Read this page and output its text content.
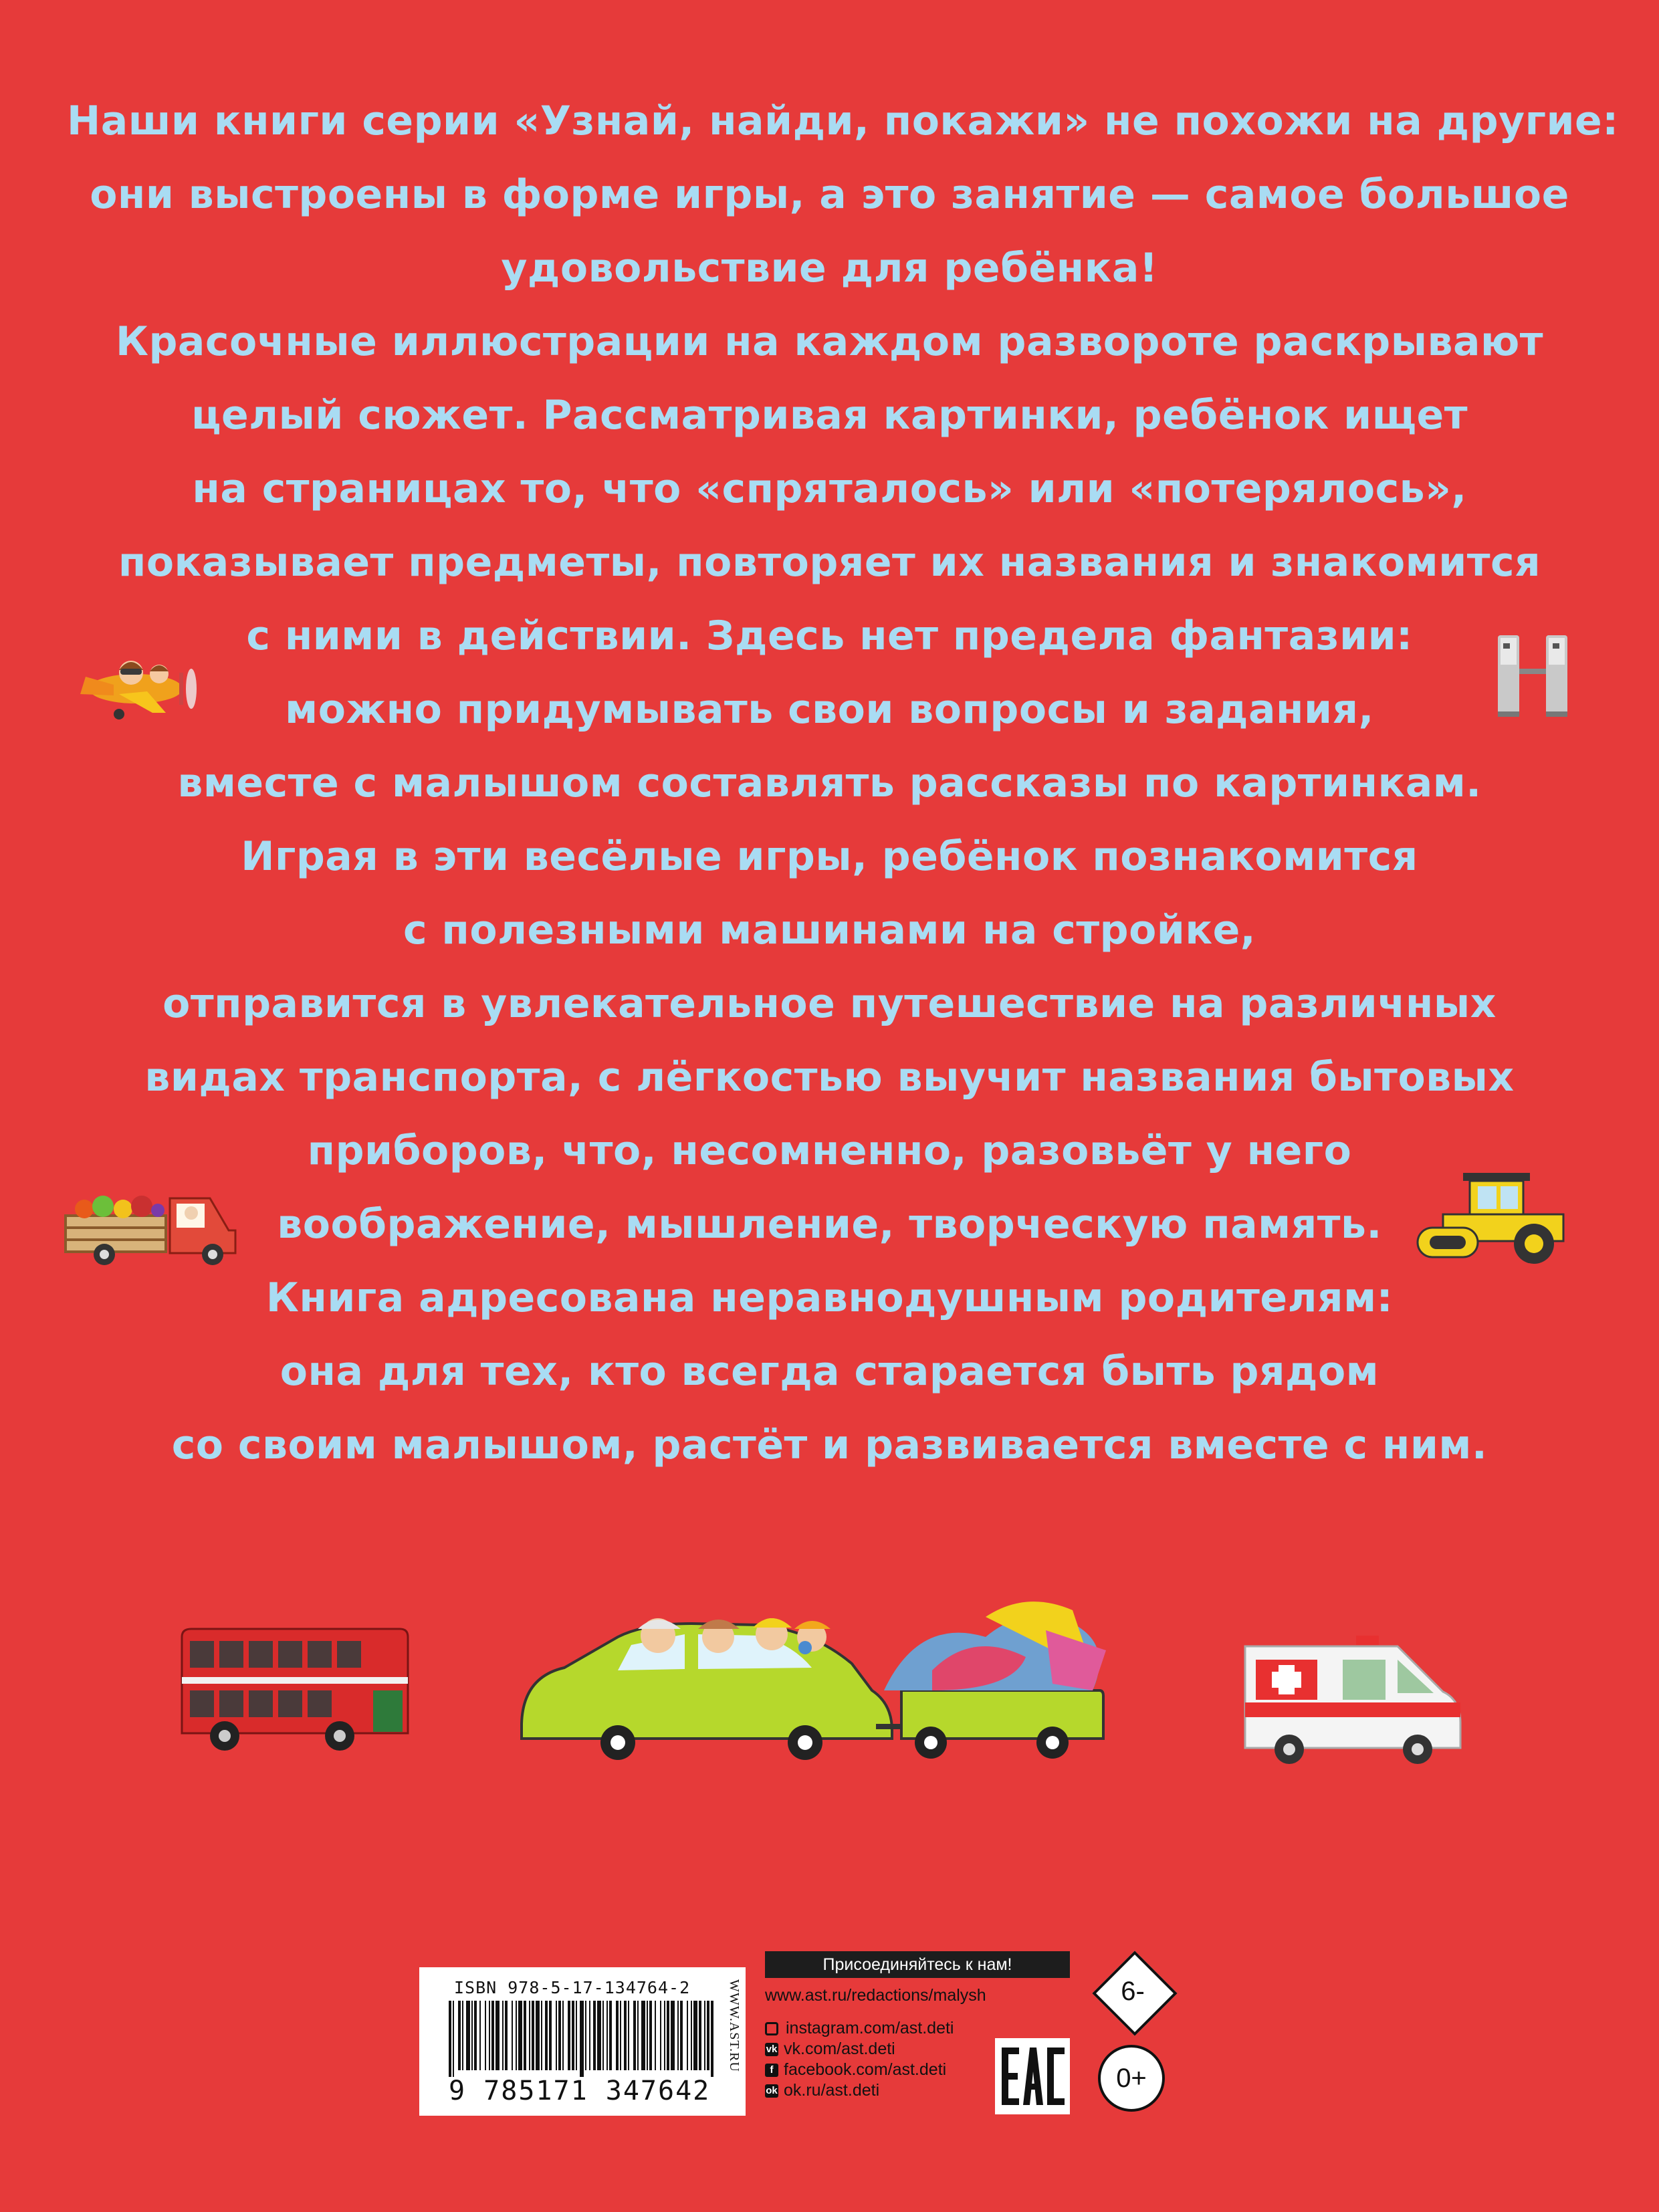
Наши книги серии «Узнай, найди, покажи» не похожи на другие:
они выстроены в форме игры, а это занятие — самое большое
удовольствие для ребёнка!
Красочные иллюстрации на каждом развороте раскрывают
целый сюжет. Рассматривая картинки, ребёнок ищет
на страницах то, что «спряталось» или «потерялось»,
показывает предметы, повторяет их названия и знакомится
с ними в действии. Здесь нет предела фантазии:
можно придумывать свои вопросы и задания,
вместе с малышом составлять рассказы по картинкам.
Играя в эти весёлые игры, ребёнок познакомится
с полезными машинами на стройке,
отправится в увлекательное путешествие на различных
видах транспорта, с лёгкостью выучит названия бытовых
приборов, что, несомненно, разовьёт у него
воображение, мышление, творческую память.
Книга адресована неравнодушным родителям:
она для тех, кто всегда старается быть рядом
со своим малышом, растёт и развивается вместе с ним.
ISBN 978-5-17-134764-2
9 785171 347642
WWW.AST.RU
Присоединяйтесь к нам!
www.ast.ru/redactions/malysh
instagram.com/ast.deti
vk vk.com/ast.deti
f facebook.com/ast.deti
ok ok.ru/ast.deti
6-
0+
